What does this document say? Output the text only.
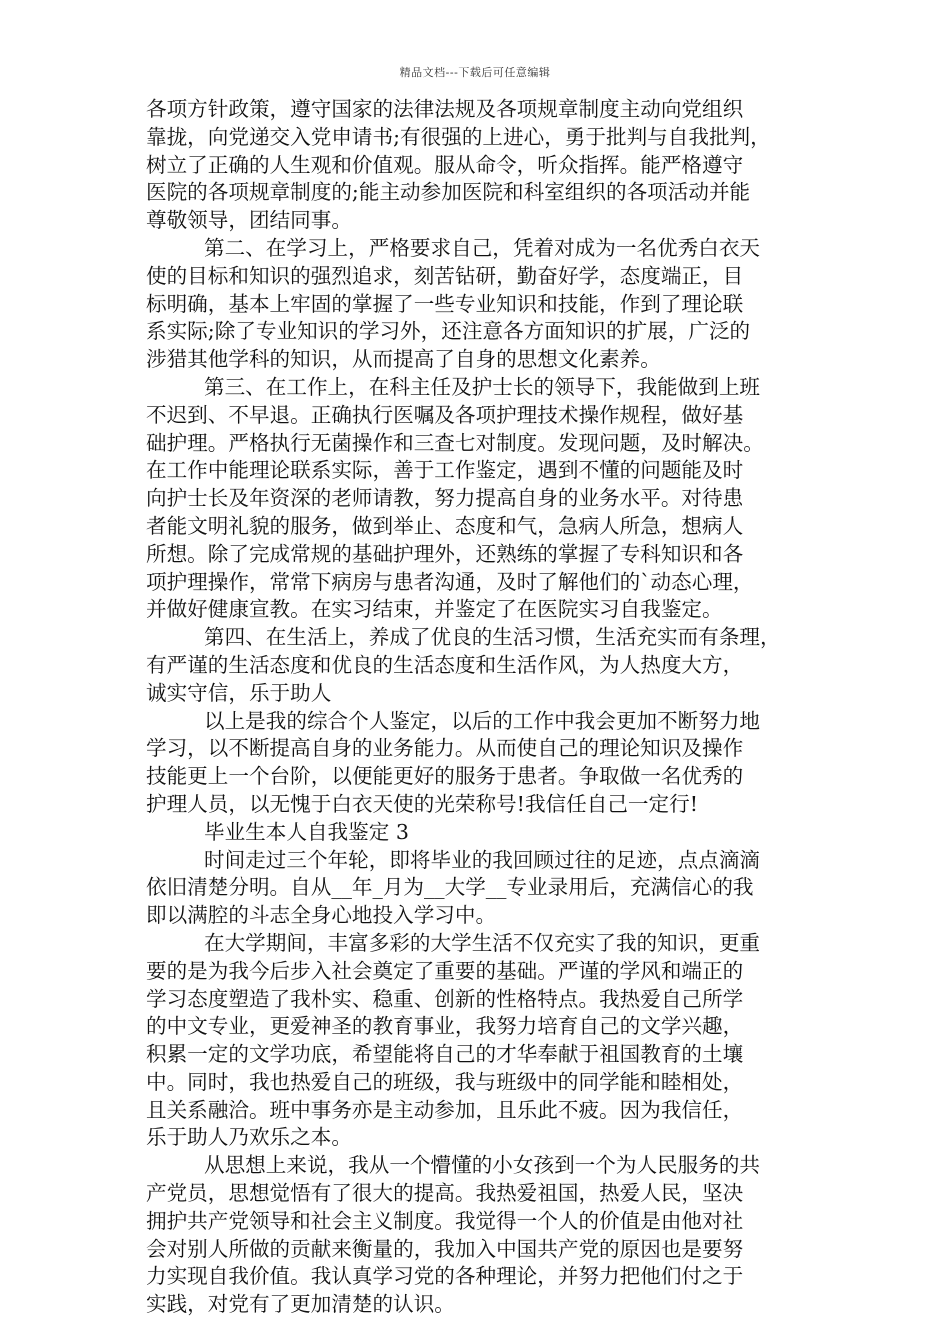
精品文档---下载后可任意编辑
各项方针政策，遵守国家的法律法规及各项规章制度主动向党组织
靠拢，向党递交入党申请书;有很强的上进心，勇于批判与自我批判，
树立了正确的人生观和价值观。服从命令，听众指挥。能严格遵守
医院的各项规章制度的;能主动参加医院和科室组织的各项活动并能
尊敬领导，团结同事。
第二、在学习上，严格要求自己，凭着对成为一名优秀白衣天
使的目标和知识的强烈追求，刻苦钻研，勤奋好学，态度端正，目
标明确，基本上牢固的掌握了一些专业知识和技能，作到了理论联
系实际;除了专业知识的学习外，还注意各方面知识的扩展，广泛的
涉猎其他学科的知识，从而提高了自身的思想文化素养。
第三、在工作上，在科主任及护士长的领导下，我能做到上班
不迟到、不早退。正确执行医嘱及各项护理技术操作规程，做好基
础护理。严格执行无菌操作和三查七对制度。发现问题，及时解决。
在工作中能理论联系实际，善于工作鉴定，遇到不懂的问题能及时
向护士长及年资深的老师请教，努力提高自身的业务水平。对待患
者能文明礼貌的服务，做到举止、态度和气，急病人所急，想病人
所想。除了完成常规的基础护理外，还熟练的掌握了专科知识和各
项护理操作，常常下病房与患者沟通，及时了解他们的`动态心理，
并做好健康宣教。在实习结束，并鉴定了在医院实习自我鉴定。
第四、在生活上，养成了优良的生活习惯，生活充实而有条理，
有严谨的生活态度和优良的生活态度和生活作风，为人热度大方，
诚实守信，乐于助人
以上是我的综合个人鉴定，以后的工作中我会更加不断努力地
学习，以不断提高自身的业务能力。从而使自己的理论知识及操作
技能更上一个台阶，以便能更好的服务于患者。争取做一名优秀的
护理人员，以无愧于白衣天使的光荣称号!我信任自己一定行!
毕业生本人自我鉴定 3
时间走过三个年轮，即将毕业的我回顾过往的足迹，点点滴滴
依旧清楚分明。自从__年_月为__大学__专业录用后，充满信心的我
即以满腔的斗志全身心地投入学习中。
在大学期间，丰富多彩的大学生活不仅充实了我的知识，更重
要的是为我今后步入社会奠定了重要的基础。严谨的学风和端正的
学习态度塑造了我朴实、稳重、创新的性格特点。我热爱自己所学
的中文专业，更爱神圣的教育事业，我努力培育自己的文学兴趣，
积累一定的文学功底，希望能将自己的才华奉献于祖国教育的土壤
中。同时，我也热爱自己的班级，我与班级中的同学能和睦相处，
且关系融洽。班中事务亦是主动参加，且乐此不疲。因为我信任，
乐于助人乃欢乐之本。
从思想上来说，我从一个懵懂的小女孩到一个为人民服务的共
产党员，思想觉悟有了很大的提高。我热爱祖国，热爱人民，坚决
拥护共产党领导和社会主义制度。我觉得一个人的价值是由他对社
会对别人所做的贡献来衡量的，我加入中国共产党的原因也是要努
力实现自我价值。我认真学习党的各种理论，并努力把他们付之于
实践，对党有了更加清楚的认识。
